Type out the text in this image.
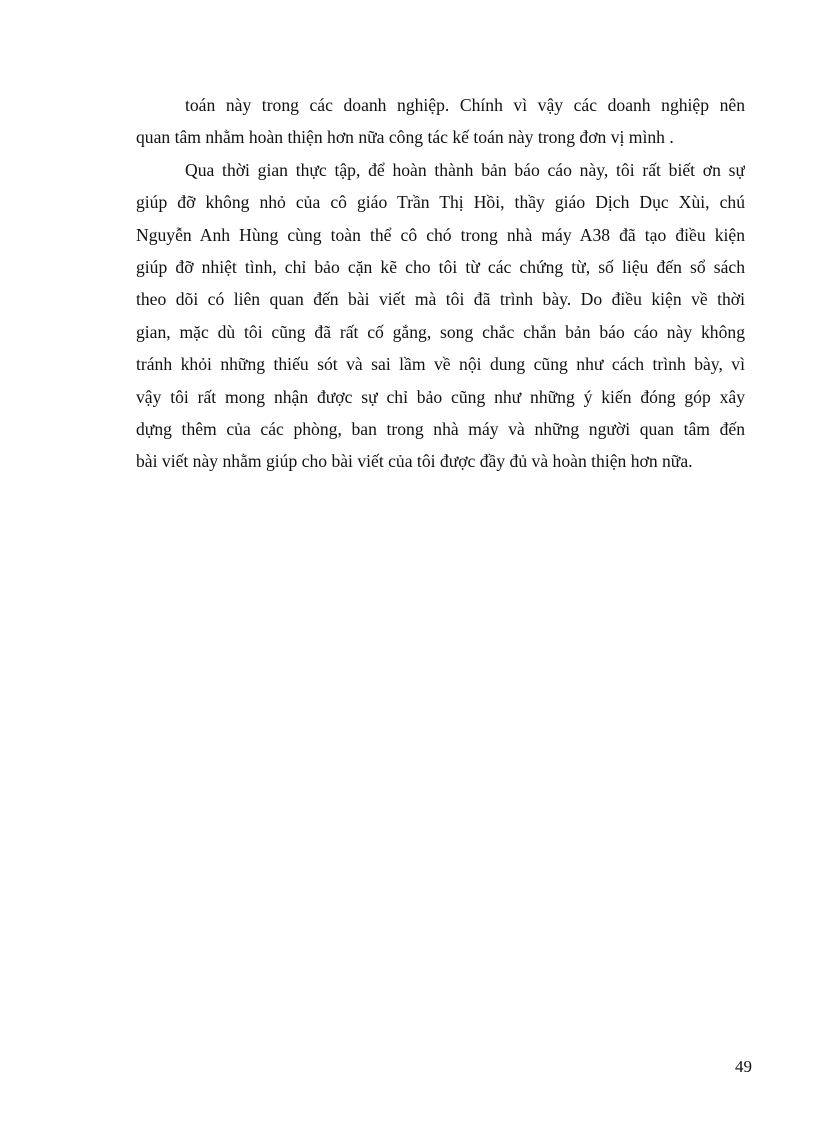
toán này trong các doanh nghiệp. Chính vì vậy các doanh nghiệp nên
quan tâm nhằm hoàn thiện hơn nữa công tác kế toán này trong đơn vị mình .

Qua thời gian thực tập, để hoàn thành bản báo cáo này, tôi rất biết ơn sự
giúp đỡ không nhỏ của cô giáo Trần Thị Hồi, thầy giáo Dịch Dục Xùi, chú
Nguyễn Anh Hùng cùng toàn thể cô chó trong nhà máy A38 đã tạo điều kiện
giúp đỡ nhiệt tình, chỉ bảo cặn kẽ cho tôi từ các chứng từ, số liệu đến sổ sách
theo dõi có liên quan đến bài viết mà tôi đã trình bày. Do điều kiện về thời
gian, mặc dù tôi cũng đã rất cố gắng, song chắc chắn bản báo cáo này không
tránh khỏi những thiếu sót và sai lầm về nội dung cũng như cách trình bày, vì
vậy tôi rất mong nhận được sự chỉ bảo cũng như những ý kiến đóng góp xây
dựng thêm của các phòng, ban trong nhà máy và những người quan tâm đến
bài viết này nhằm giúp cho bài viết của tôi được đầy đủ và hoàn thiện hơn nữa.

49
